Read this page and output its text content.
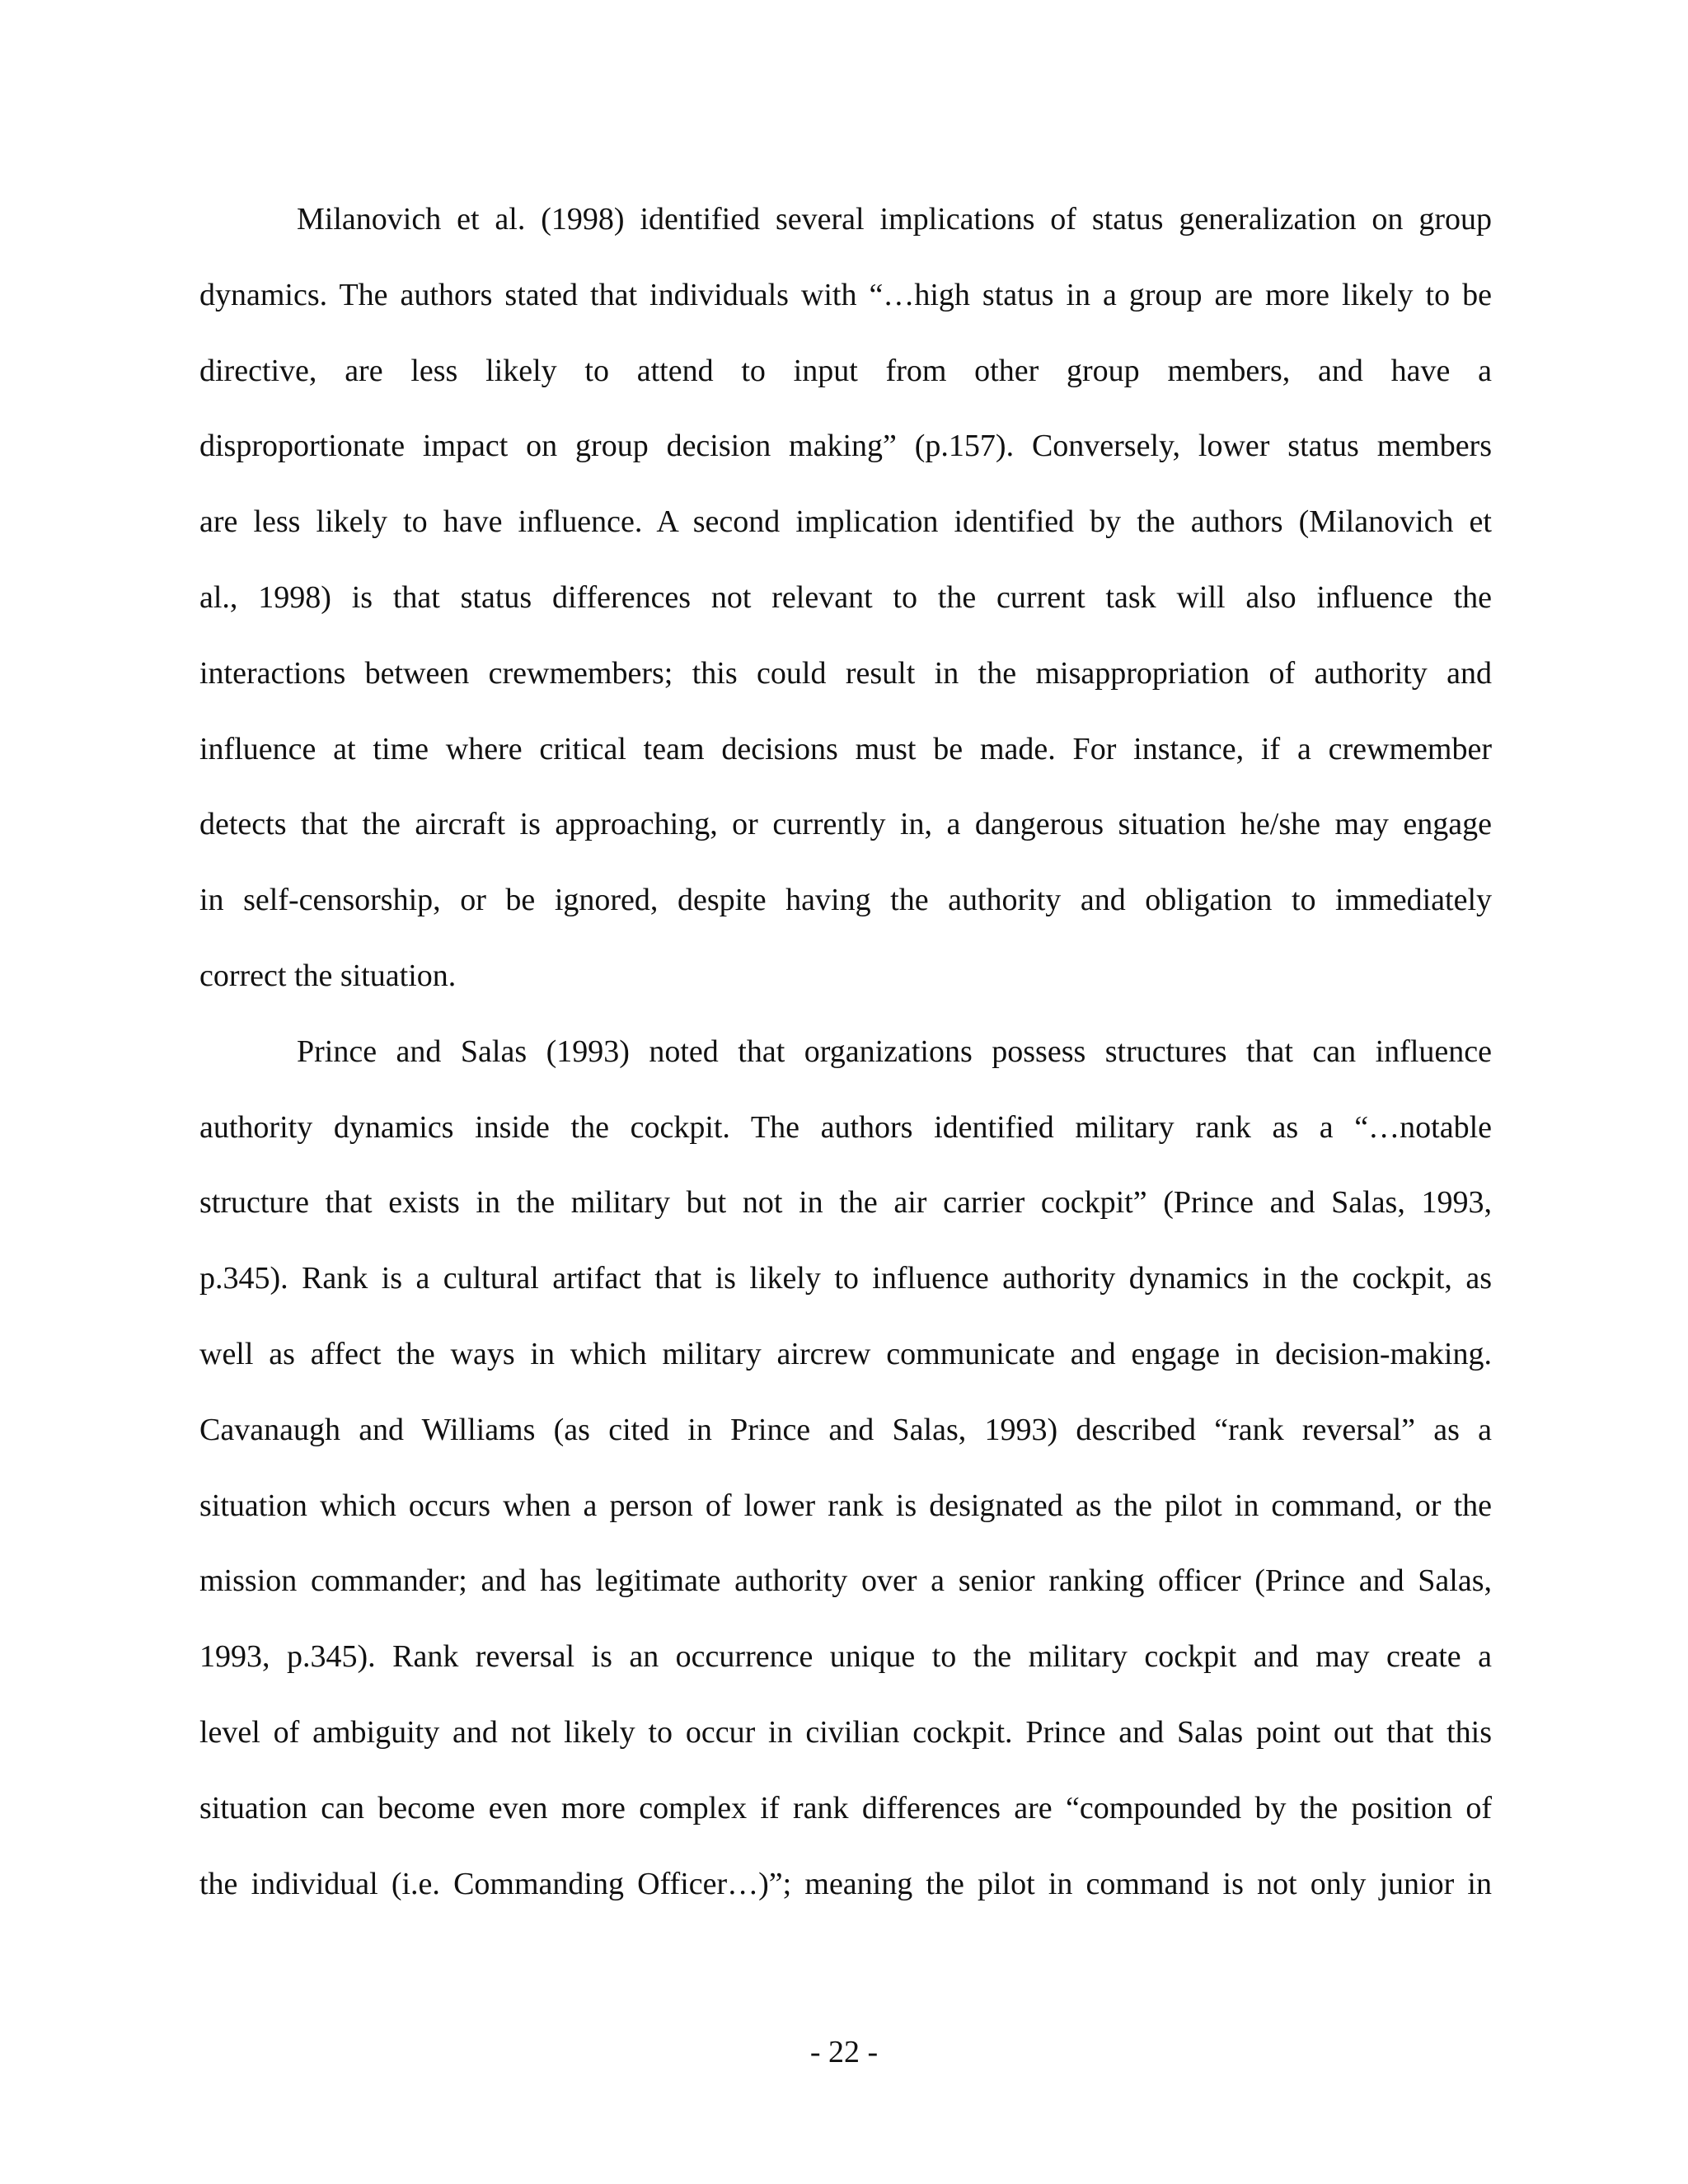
Milanovich et al. (1998) identified several implications of status generalization on group
dynamics. The authors stated that individuals with “…high status in a group are more likely to be
directive, are less likely to attend to input from other group members, and have a
disproportionate impact on group decision making” (p.157). Conversely, lower status members
are less likely to have influence. A second implication identified by the authors (Milanovich et
al., 1998) is that status differences not relevant to the current task will also influence the
interactions between crewmembers; this could result in the misappropriation of authority and
influence at time where critical team decisions must be made. For instance, if a crewmember
detects that the aircraft is approaching, or currently in, a dangerous situation he/she may engage
in self-censorship, or be ignored, despite having the authority and obligation to immediately
correct the situation.
Prince and Salas (1993) noted that organizations possess structures that can influence
authority dynamics inside the cockpit. The authors identified military rank as a “…notable
structure that exists in the military but not in the air carrier cockpit” (Prince and Salas, 1993,
p.345). Rank is a cultural artifact that is likely to influence authority dynamics in the cockpit, as
well as affect the ways in which military aircrew communicate and engage in decision-making.
Cavanaugh and Williams (as cited in Prince and Salas, 1993) described “rank reversal” as a
situation which occurs when a person of lower rank is designated as the pilot in command, or the
mission commander; and has legitimate authority over a senior ranking officer (Prince and Salas,
1993, p.345). Rank reversal is an occurrence unique to the military cockpit and may create a
level of ambiguity and not likely to occur in civilian cockpit. Prince and Salas point out that this
situation can become even more complex if rank differences are “compounded by the position of
the individual (i.e. Commanding Officer…)”; meaning the pilot in command is not only junior in
- 22 -
